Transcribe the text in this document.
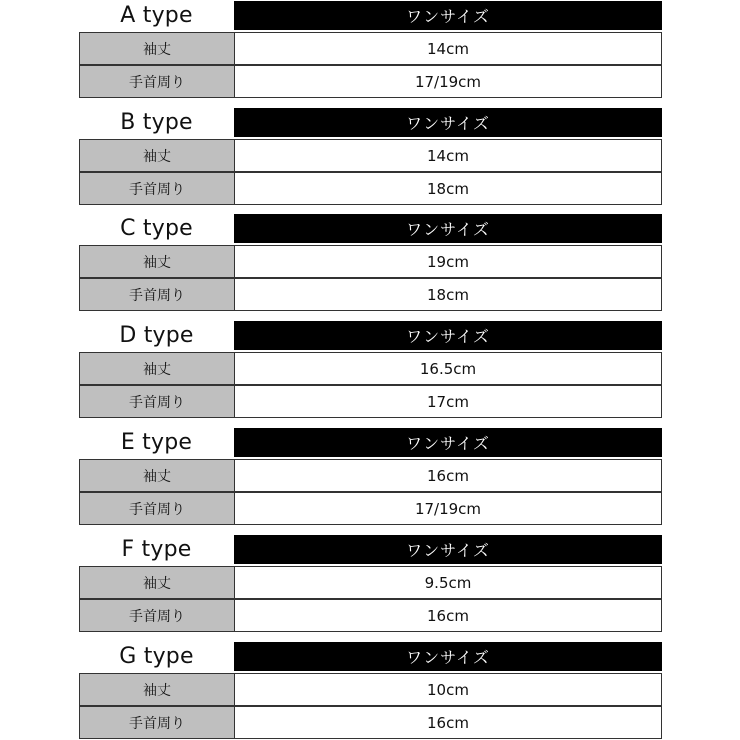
A type	ワンサイズ
袖丈	14cm
手首周り	17/19cm
B type	ワンサイズ
袖丈	14cm
手首周り	18cm
C type	ワンサイズ
袖丈	19cm
手首周り	18cm
D type	ワンサイズ
袖丈	16.5cm
手首周り	17cm
E type	ワンサイズ
袖丈	16cm
手首周り	17/19cm
F type	ワンサイズ
袖丈	9.5cm
手首周り	16cm
G type	ワンサイズ
袖丈	10cm
手首周り	16cm
